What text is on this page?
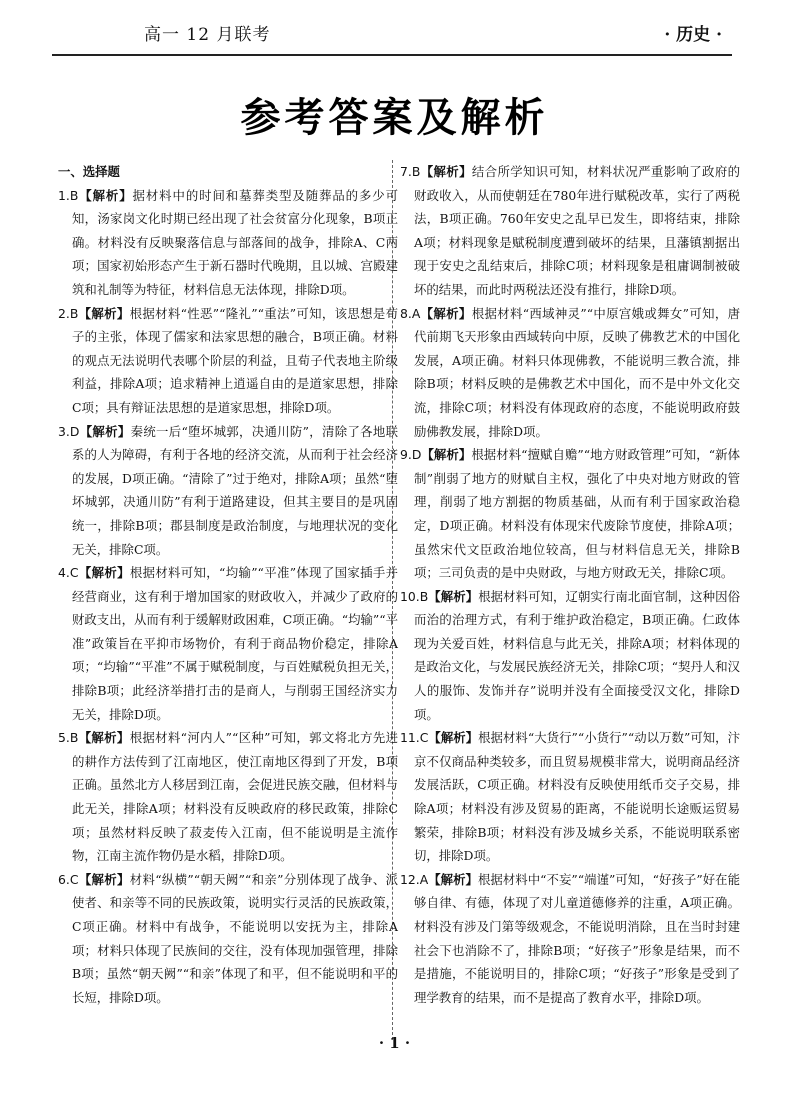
高一 12 月联考	· 历史 ·
参考答案及解析
一、选择题

1.B【解析】据材料中的时间和墓葬类型及随葬品的多少可知，汤家岗文化时期已经出现了社会贫富分化现象，B项正确。材料没有反映聚落信息与部落间的战争，排除A、C两项；国家初始形态产生于新石器时代晚期，且以城、宫殿建筑和礼制等为特征，材料信息无法体现，排除D项。

2.B【解析】根据材料“性恶”“隆礼”“重法”可知，该思想是荀子的主张，体现了儒家和法家思想的融合，B项正确。材料的观点无法说明代表哪个阶层的利益，且荀子代表地主阶级利益，排除A项；追求精神上逍遥自由的是道家思想，排除C项；具有辩证法思想的是道家思想，排除D项。

3.D【解析】秦统一后“堕坏城郭，决通川防”，清除了各地联系的人为障碍，有利于各地的经济交流，从而利于社会经济的发展，D项正确。“清除了”过于绝对，排除A项；虽然“堕坏城郭，决通川防”有利于道路建设，但其主要目的是巩固统一，排除B项；郡县制度是政治制度，与地理状况的变化无关，排除C项。

4.C【解析】根据材料可知，“均输”“平准”体现了国家插手并经营商业，这有利于增加国家的财政收入，并减少了政府的财政支出，从而有利于缓解财政困难，C项正确。“均输”“平准”政策旨在平抑市场物价，有利于商品物价稳定，排除A项；“均输”“平准”不属于赋税制度，与百姓赋税负担无关，排除B项；此经济举措打击的是商人，与削弱王国经济实力无关，排除D项。

5.B【解析】根据材料“河内人”“区种”可知，郭文将北方先进的耕作方法传到了江南地区，使江南地区得到了开发，B项正确。虽然北方人移居到江南，会促进民族交融，但材料与此无关，排除A项；材料没有反映政府的移民政策，排除C项；虽然材料反映了菽麦传入江南，但不能说明是主流作物，江南主流作物仍是水稻，排除D项。

6.C【解析】材料“纵横”“朝天阙”“和亲”分别体现了战争、派使者、和亲等不同的民族政策，说明实行灵活的民族政策，C项正确。材料中有战争，不能说明以安抚为主，排除A项；材料只体现了民族间的交往，没有体现加强管理，排除B项；虽然“朝天阙”“和亲”体现了和平，但不能说明和平的长短，排除D项。

7.B【解析】结合所学知识可知，材料状况严重影响了政府的财政收入，从而使朝廷在780年进行赋税改革，实行了两税法，B项正确。760年安史之乱早已发生，即将结束，排除A项；材料现象是赋税制度遭到破坏的结果，且藩镇割据出现于安史之乱结束后，排除C项；材料现象是租庸调制被破坏的结果，而此时两税法还没有推行，排除D项。

8.A【解析】根据材料“西域神灵”“中原宫娥或舞女”可知，唐代前期飞天形象由西域转向中原，反映了佛教艺术的中国化发展，A项正确。材料只体现佛教，不能说明三教合流，排除B项；材料反映的是佛教艺术中国化，而不是中外文化交流，排除C项；材料没有体现政府的态度，不能说明政府鼓励佛教发展，排除D项。

9.D【解析】根据材料“擅赋自赡”“地方财政管理”可知，“新体制”削弱了地方的财赋自主权，强化了中央对地方财政的管理，削弱了地方割据的物质基础，从而有利于国家政治稳定，D项正确。材料没有体现宋代废除节度使，排除A项；虽然宋代文臣政治地位较高，但与材料信息无关，排除B项；三司负责的是中央财政，与地方财政无关，排除C项。

10.B【解析】根据材料可知，辽朝实行南北面官制，这种因俗而治的治理方式，有利于维护政治稳定，B项正确。仁政体现为关爱百姓，材料信息与此无关，排除A项；材料体现的是政治文化，与发展民族经济无关，排除C项；“契丹人和汉人的服饰、发饰并存”说明并没有全面接受汉文化，排除D项。

11.C【解析】根据材料“大货行”“小货行”“动以万数”可知，汴京不仅商品种类较多，而且贸易规模非常大，说明商品经济发展活跃，C项正确。材料没有反映使用纸币交子交易，排除A项；材料没有涉及贸易的距离，不能说明长途贩运贸易繁荣，排除B项；材料没有涉及城乡关系，不能说明联系密切，排除D项。

12.A【解析】根据材料中“不妄”“端谨”可知，“好孩子”好在能够自律、有德，体现了对儿童道德修养的注重，A项正确。材料没有涉及门第等级观念，不能说明消除，且在当时封建社会下也消除不了，排除B项；“好孩子”形象是结果，而不是措施，不能说明目的，排除C项；“好孩子”形象是受到了理学教育的结果，而不是提高了教育水平，排除D项。

· 1 ·
